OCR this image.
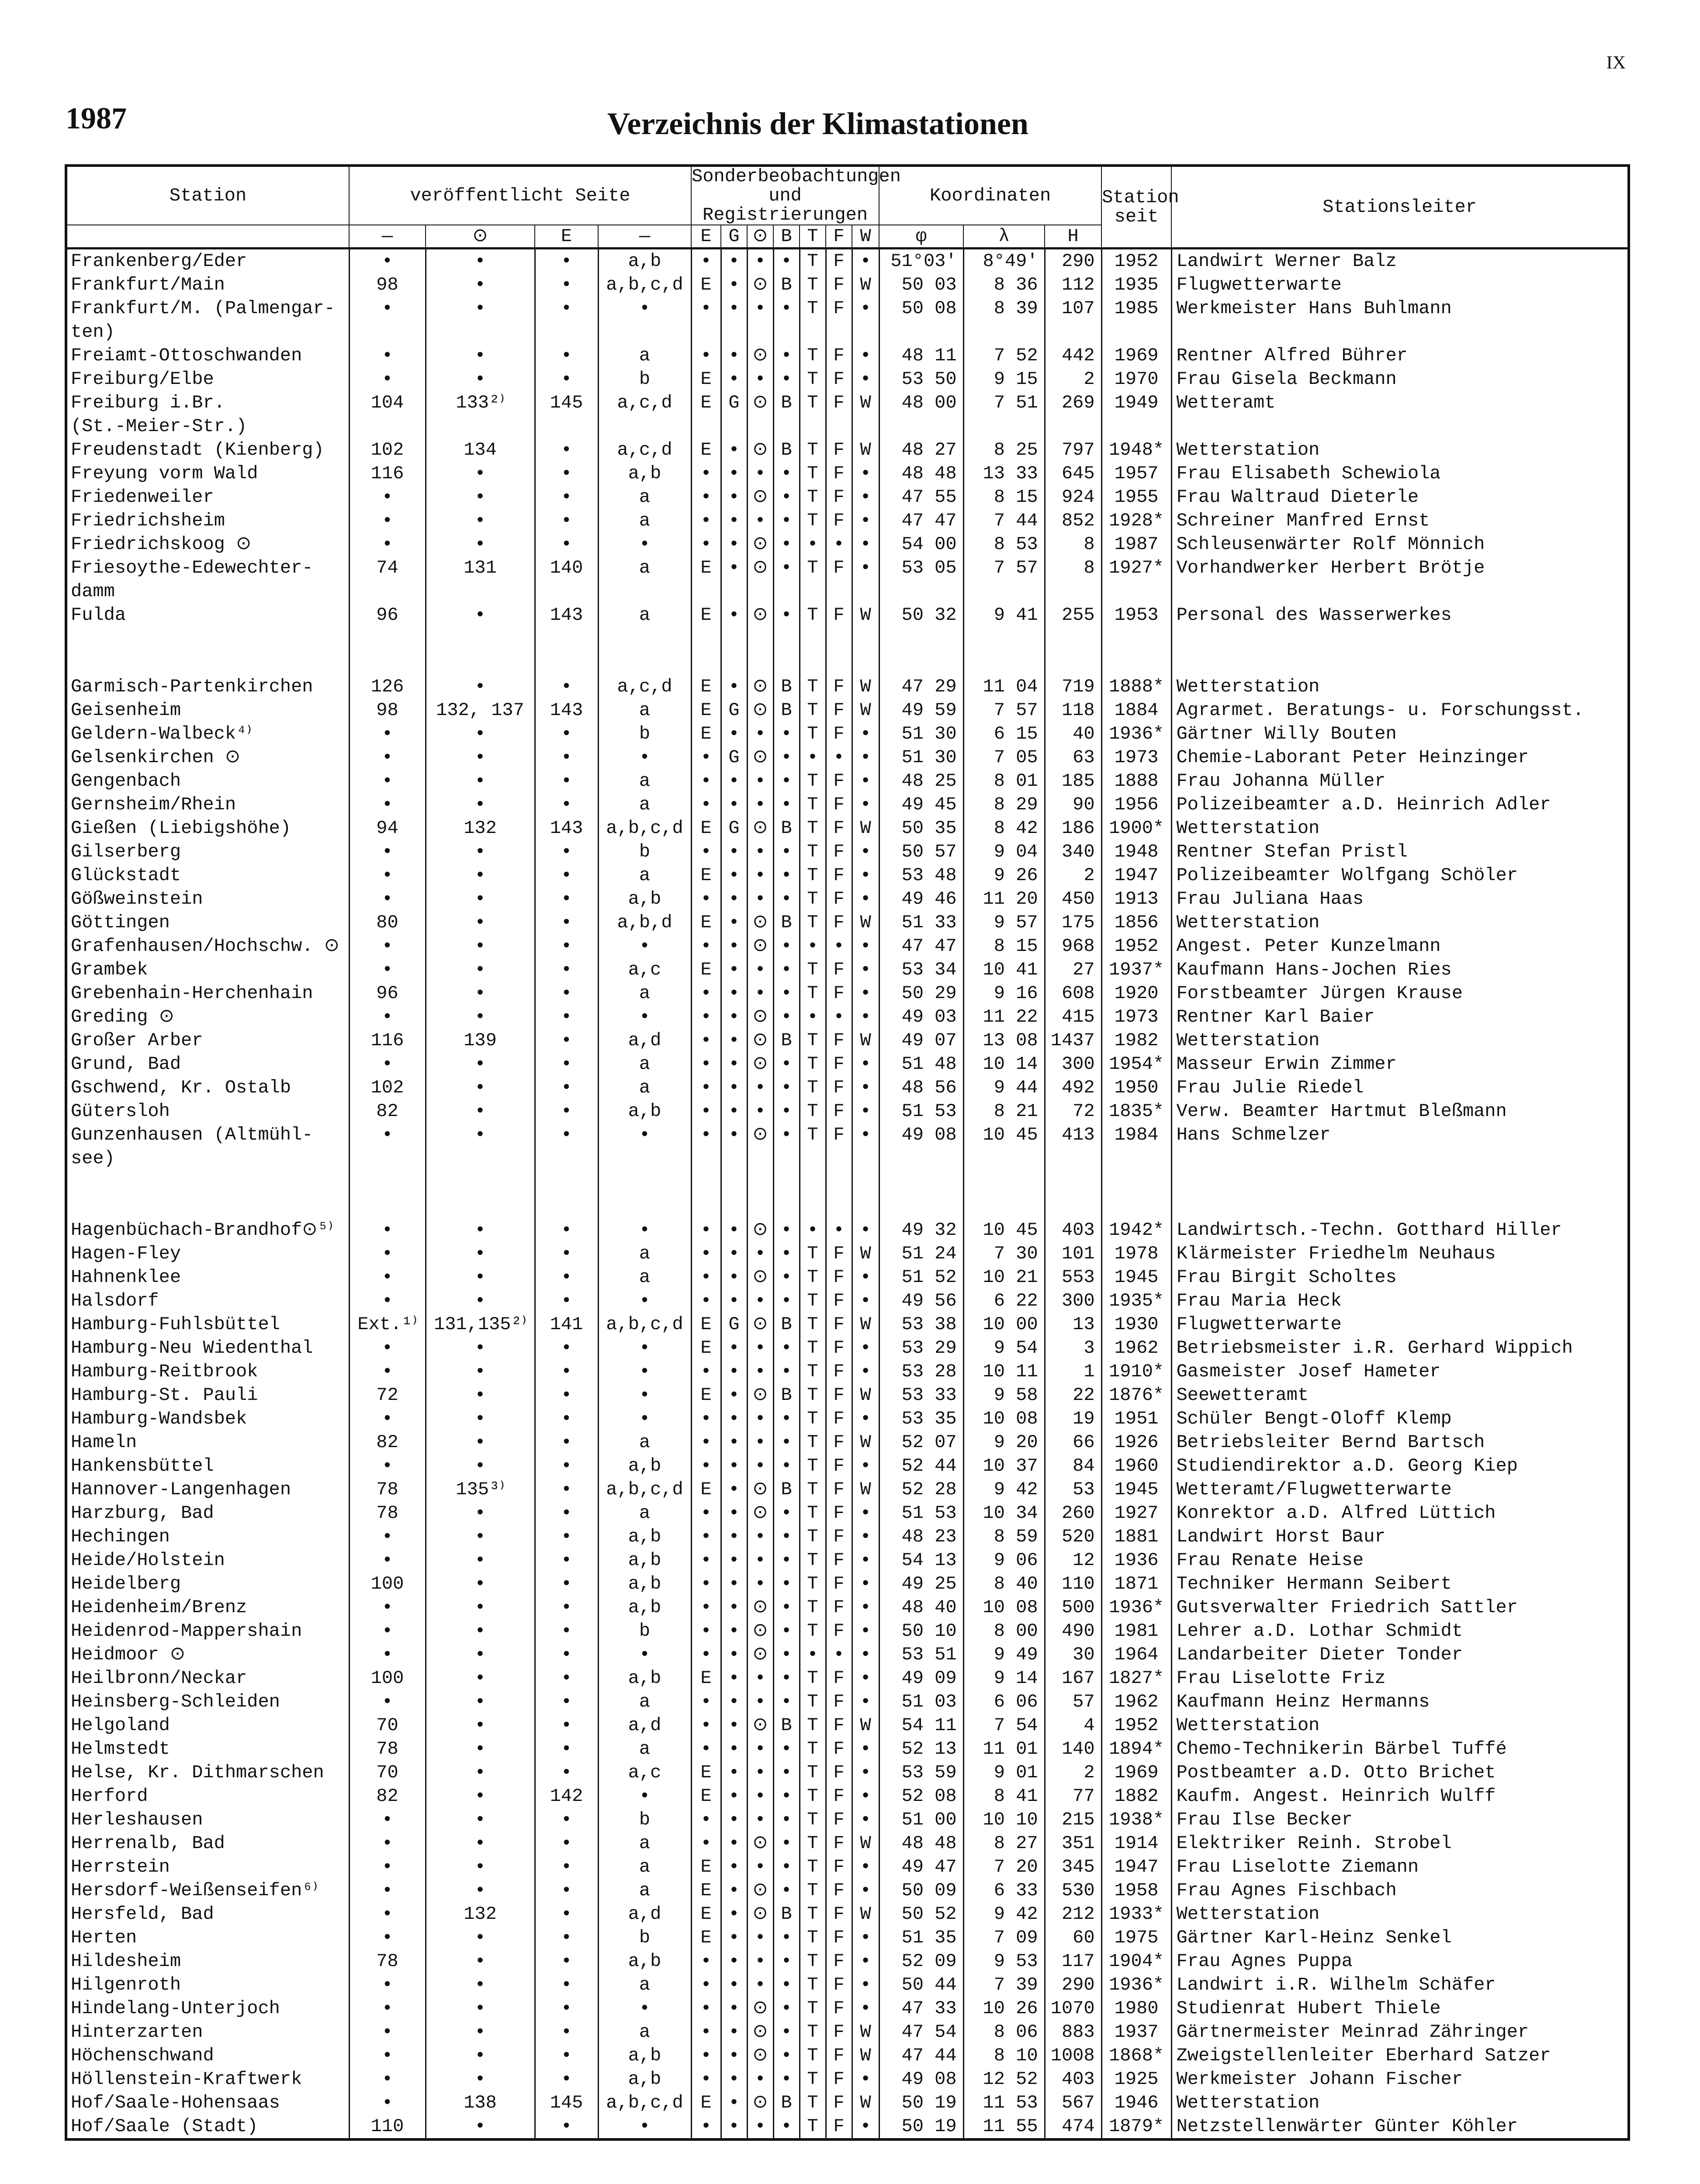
IX
1987	Verzeichnis der Klimastationen
Station	veröffentlicht Seite				Sonderbeobachtungen und Registrierungen							Koordinaten			Station seit	Stationsleiter
	—	⊙	E	—	E	G	⊙	B	T	F	W	φ	λ	H		
Frankenberg/Eder	•	•	•	a,b	•	•	•	•	T	F	•	51°03'	8°49'	290	1952	Landwirt Werner Balz
Frankfurt/Main	98	•	•	a,b,c,d	E	•	⊙	B	T	F	W	50 03	8 36	112	1935	Flugwetterwarte
Frankfurt/M. (Palmengar-	•	•	•	•	•	•	•	•	T	F	•	50 08	8 39	107	1985	Werkmeister Hans Buhlmann
ten)																
Freiamt-Ottoschwanden	•	•	•	a	•	•	⊙	•	T	F	•	48 11	7 52	442	1969	Rentner Alfred Bührer
Freiburg/Elbe	•	•	•	b	E	•	•	•	T	F	•	53 50	9 15	2	1970	Frau Gisela Beckmann
Freiburg i.Br.	104	133²⁾	145	a,c,d	E	G	⊙	B	T	F	W	48 00	7 51	269	1949	Wetteramt
(St.-Meier-Str.)																
Freudenstadt (Kienberg)	102	134	•	a,c,d	E	•	⊙	B	T	F	W	48 27	8 25	797	1948*	Wetterstation
Freyung vorm Wald	116	•	•	a,b	•	•	•	•	T	F	•	48 48	13 33	645	1957	Frau Elisabeth Schewiola
Friedenweiler	•	•	•	a	•	•	⊙	•	T	F	•	47 55	8 15	924	1955	Frau Waltraud Dieterle
Friedrichsheim	•	•	•	a	•	•	•	•	T	F	•	47 47	7 44	852	1928*	Schreiner Manfred Ernst
Friedrichskoog ⊙	•	•	•	•	•	•	⊙	•	•	•	•	54 00	8 53	8	1987	Schleusenwärter Rolf Mönnich
Friesoythe-Edewechter-	74	131	140	a	E	•	⊙	•	T	F	•	53 05	7 57	8	1927*	Vorhandwerker Herbert Brötje
damm																
Fulda	96	•	143	a	E	•	⊙	•	T	F	W	50 32	9 41	255	1953	Personal des Wasserwerkes

Garmisch-Partenkirchen	126	•	•	a,c,d	E	•	⊙	B	T	F	W	47 29	11 04	719	1888*	Wetterstation
Geisenheim	98	132, 137	143	a	E	G	⊙	B	T	F	W	49 59	7 57	118	1884	Agrarmet. Beratungs- u. Forschungsst.
Geldern-Walbeck⁴⁾	•	•	•	b	E	•	•	•	T	F	•	51 30	6 15	40	1936*	Gärtner Willy Bouten
Gelsenkirchen ⊙	•	•	•	•	•	G	⊙	•	•	•	•	51 30	7 05	63	1973	Chemie-Laborant Peter Heinzinger
Gengenbach	•	•	•	a	•	•	•	•	T	F	•	48 25	8 01	185	1888	Frau Johanna Müller
Gernsheim/Rhein	•	•	•	a	•	•	•	•	T	F	•	49 45	8 29	90	1956	Polizeibeamter a.D. Heinrich Adler
Gießen (Liebigshöhe)	94	132	143	a,b,c,d	E	G	⊙	B	T	F	W	50 35	8 42	186	1900*	Wetterstation
Gilserberg	•	•	•	b	•	•	•	•	T	F	•	50 57	9 04	340	1948	Rentner Stefan Pristl
Glückstadt	•	•	•	a	E	•	•	•	T	F	•	53 48	9 26	2	1947	Polizeibeamter Wolfgang Schöler
Gößweinstein	•	•	•	a,b	•	•	•	•	T	F	•	49 46	11 20	450	1913	Frau Juliana Haas
Göttingen	80	•	•	a,b,d	E	•	⊙	B	T	F	W	51 33	9 57	175	1856	Wetterstation
Grafenhausen/Hochschw. ⊙	•	•	•	•	•	•	⊙	•	•	•	•	47 47	8 15	968	1952	Angest. Peter Kunzelmann
Grambek	•	•	•	a,c	E	•	•	•	T	F	•	53 34	10 41	27	1937*	Kaufmann Hans-Jochen Ries
Grebenhain-Herchenhain	96	•	•	a	•	•	•	•	T	F	•	50 29	9 16	608	1920	Forstbeamter Jürgen Krause
Greding ⊙	•	•	•	•	•	•	⊙	•	•	•	•	49 03	11 22	415	1973	Rentner Karl Baier
Großer Arber	116	139	•	a,d	•	•	⊙	B	T	F	W	49 07	13 08	1437	1982	Wetterstation
Grund, Bad	•	•	•	a	•	•	⊙	•	T	F	•	51 48	10 14	300	1954*	Masseur Erwin Zimmer
Gschwend, Kr. Ostalb	102	•	•	a	•	•	•	•	T	F	•	48 56	9 44	492	1950	Frau Julie Riedel
Gütersloh	82	•	•	a,b	•	•	•	•	T	F	•	51 53	8 21	72	1835*	Verw. Beamter Hartmut Bleßmann
Gunzenhausen (Altmühl-	•	•	•	•	•	•	⊙	•	T	F	•	49 08	10 45	413	1984	Hans Schmelzer
see)																

Hagenbüchach-Brandhof⊙⁵⁾	•	•	•	•	•	•	⊙	•	•	•	•	49 32	10 45	403	1942*	Landwirtsch.-Techn. Gotthard Hiller
Hagen-Fley	•	•	•	a	•	•	•	•	T	F	W	51 24	7 30	101	1978	Klärmeister Friedhelm Neuhaus
Hahnenklee	•	•	•	a	•	•	⊙	•	T	F	•	51 52	10 21	553	1945	Frau Birgit Scholtes
Halsdorf	•	•	•	•	•	•	•	•	T	F	•	49 56	6 22	300	1935*	Frau Maria Heck
Hamburg-Fuhlsbüttel	Ext.¹⁾	131,135²⁾	141	a,b,c,d	E	G	⊙	B	T	F	W	53 38	10 00	13	1930	Flugwetterwarte
Hamburg-Neu Wiedenthal	•	•	•	•	E	•	•	•	T	F	•	53 29	9 54	3	1962	Betriebsmeister i.R. Gerhard Wippich
Hamburg-Reitbrook	•	•	•	•	•	•	•	•	T	F	•	53 28	10 11	1	1910*	Gasmeister Josef Hameter
Hamburg-St. Pauli	72	•	•	•	E	•	⊙	B	T	F	W	53 33	9 58	22	1876*	Seewetteramt
Hamburg-Wandsbek	•	•	•	•	•	•	•	•	T	F	•	53 35	10 08	19	1951	Schüler Bengt-Oloff Klemp
Hameln	82	•	•	a	•	•	•	•	T	F	W	52 07	9 20	66	1926	Betriebsleiter Bernd Bartsch
Hankensbüttel	•	•	•	a,b	•	•	•	•	T	F	•	52 44	10 37	84	1960	Studiendirektor a.D. Georg Kiep
Hannover-Langenhagen	78	135³⁾	•	a,b,c,d	E	•	⊙	B	T	F	W	52 28	9 42	53	1945	Wetteramt/Flugwetterwarte
Harzburg, Bad	78	•	•	a	•	•	⊙	•	T	F	•	51 53	10 34	260	1927	Konrektor a.D. Alfred Lüttich
Hechingen	•	•	•	a,b	•	•	•	•	T	F	•	48 23	8 59	520	1881	Landwirt Horst Baur
Heide/Holstein	•	•	•	a,b	•	•	•	•	T	F	•	54 13	9 06	12	1936	Frau Renate Heise
Heidelberg	100	•	•	a,b	•	•	•	•	T	F	•	49 25	8 40	110	1871	Techniker Hermann Seibert
Heidenheim/Brenz	•	•	•	a,b	•	•	⊙	•	T	F	•	48 40	10 08	500	1936*	Gutsverwalter Friedrich Sattler
Heidenrod-Mappershain	•	•	•	b	•	•	⊙	•	T	F	•	50 10	8 00	490	1981	Lehrer a.D. Lothar Schmidt
Heidmoor ⊙	•	•	•	•	•	•	⊙	•	•	•	•	53 51	9 49	30	1964	Landarbeiter Dieter Tonder
Heilbronn/Neckar	100	•	•	a,b	E	•	•	•	T	F	•	49 09	9 14	167	1827*	Frau Liselotte Friz
Heinsberg-Schleiden	•	•	•	a	•	•	•	•	T	F	•	51 03	6 06	57	1962	Kaufmann Heinz Hermanns
Helgoland	70	•	•	a,d	•	•	⊙	B	T	F	W	54 11	7 54	4	1952	Wetterstation
Helmstedt	78	•	•	a	•	•	•	•	T	F	•	52 13	11 01	140	1894*	Chemo-Technikerin Bärbel Tuffé
Helse, Kr. Dithmarschen	70	•	•	a,c	E	•	•	•	T	F	•	53 59	9 01	2	1969	Postbeamter a.D. Otto Brichet
Herford	82	•	142	•	E	•	•	•	T	F	•	52 08	8 41	77	1882	Kaufm. Angest. Heinrich Wulff
Herleshausen	•	•	•	b	•	•	•	•	T	F	•	51 00	10 10	215	1938*	Frau Ilse Becker
Herrenalb, Bad	•	•	•	a	•	•	⊙	•	T	F	W	48 48	8 27	351	1914	Elektriker Reinh. Strobel
Herrstein	•	•	•	a	E	•	•	•	T	F	•	49 47	7 20	345	1947	Frau Liselotte Ziemann
Hersdorf-Weißenseifen⁶⁾	•	•	•	a	E	•	⊙	•	T	F	•	50 09	6 33	530	1958	Frau Agnes Fischbach
Hersfeld, Bad	•	132	•	a,d	E	•	⊙	B	T	F	W	50 52	9 42	212	1933*	Wetterstation
Herten	•	•	•	b	E	•	•	•	T	F	•	51 35	7 09	60	1975	Gärtner Karl-Heinz Senkel
Hildesheim	78	•	•	a,b	•	•	•	•	T	F	•	52 09	9 53	117	1904*	Frau Agnes Puppa
Hilgenroth	•	•	•	a	•	•	•	•	T	F	•	50 44	7 39	290	1936*	Landwirt i.R. Wilhelm Schäfer
Hindelang-Unterjoch	•	•	•	•	•	•	⊙	•	T	F	•	47 33	10 26	1070	1980	Studienrat Hubert Thiele
Hinterzarten	•	•	•	a	•	•	⊙	•	T	F	W	47 54	8 06	883	1937	Gärtnermeister Meinrad Zähringer
Höchenschwand	•	•	•	a,b	•	•	⊙	•	T	F	W	47 44	8 10	1008	1868*	Zweigstellenleiter Eberhard Satzer
Höllenstein-Kraftwerk	•	•	•	a,b	•	•	•	•	T	F	•	49 08	12 52	403	1925	Werkmeister Johann Fischer
Hof/Saale-Hohensaas	•	138	145	a,b,c,d	E	•	⊙	B	T	F	W	50 19	11 53	567	1946	Wetterstation
Hof/Saale (Stadt)	110	•	•	•	•	•	•	•	T	F	•	50 19	11 55	474	1879*	Netzstellenwärter Günter Köhler
